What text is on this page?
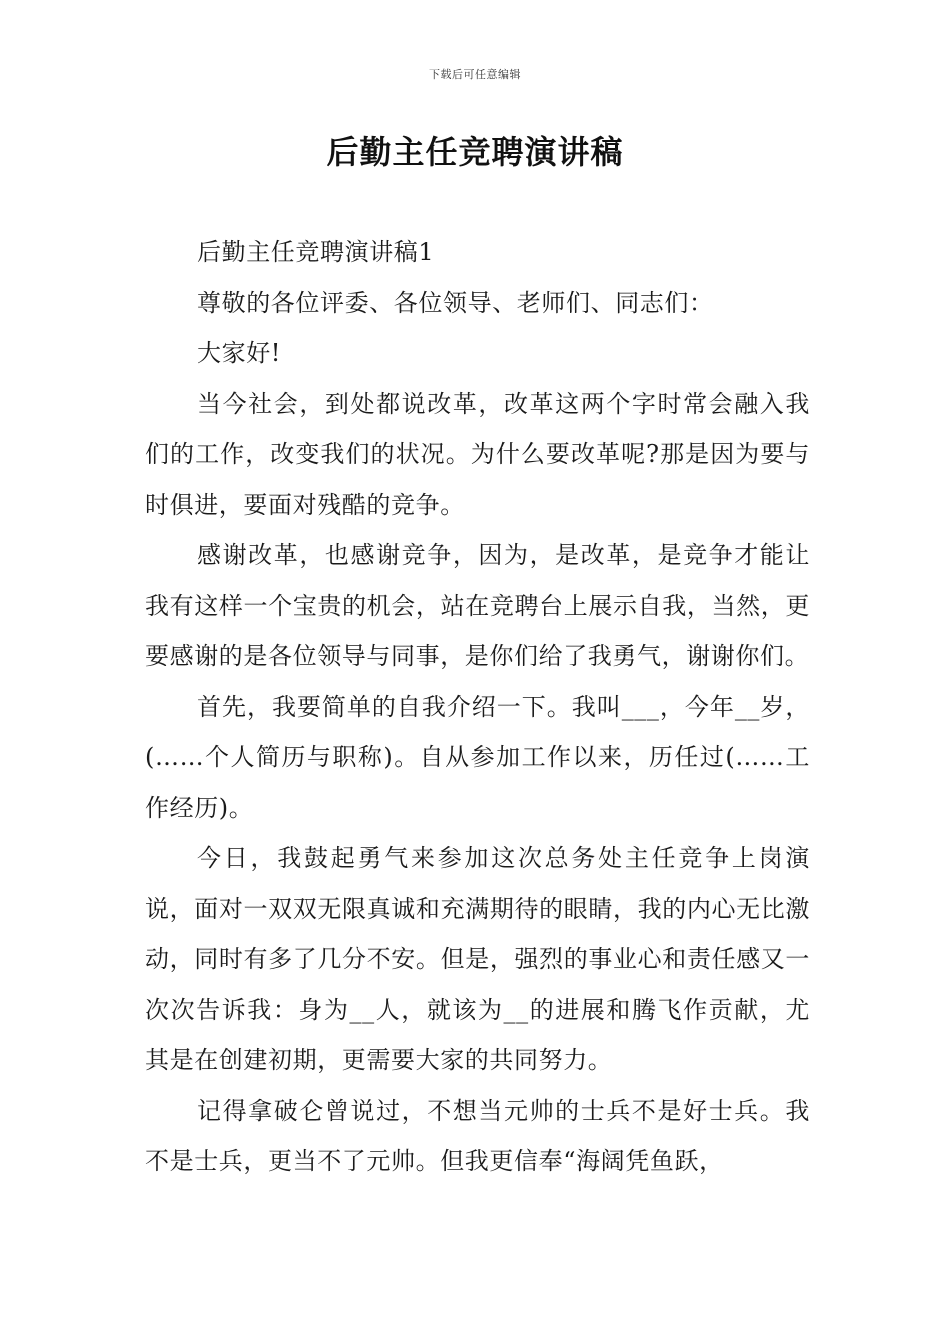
下载后可任意编辑
后勤主任竞聘演讲稿

后勤主任竞聘演讲稿1

尊敬的各位评委、各位领导、老师们、同志们：

大家好!

当今社会，到处都说改革，改革这两个字时常会融入我们的工作，改变我们的状况。为什么要改革呢?那是因为要与时俱进，要面对残酷的竞争。

感谢改革，也感谢竞争，因为，是改革，是竞争才能让我有这样一个宝贵的机会，站在竞聘台上展示自我，当然，更要感谢的是各位领导与同事，是你们给了我勇气，谢谢你们。

首先，我要简单的自我介绍一下。我叫___，今年__岁，(……个人简历与职称)。自从参加工作以来，历任过(……工作经历)。

今日，我鼓起勇气来参加这次总务处主任竞争上岗演说，面对一双双无限真诚和充满期待的眼睛，我的内心无比激动，同时有多了几分不安。但是，强烈的事业心和责任感又一次次告诉我：身为__人，就该为__的进展和腾飞作贡献，尤其是在创建初期，更需要大家的共同努力。

记得拿破仑曾说过，不想当元帅的士兵不是好士兵。我不是士兵，更当不了元帅。但我更信奉“海阔凭鱼跃，
